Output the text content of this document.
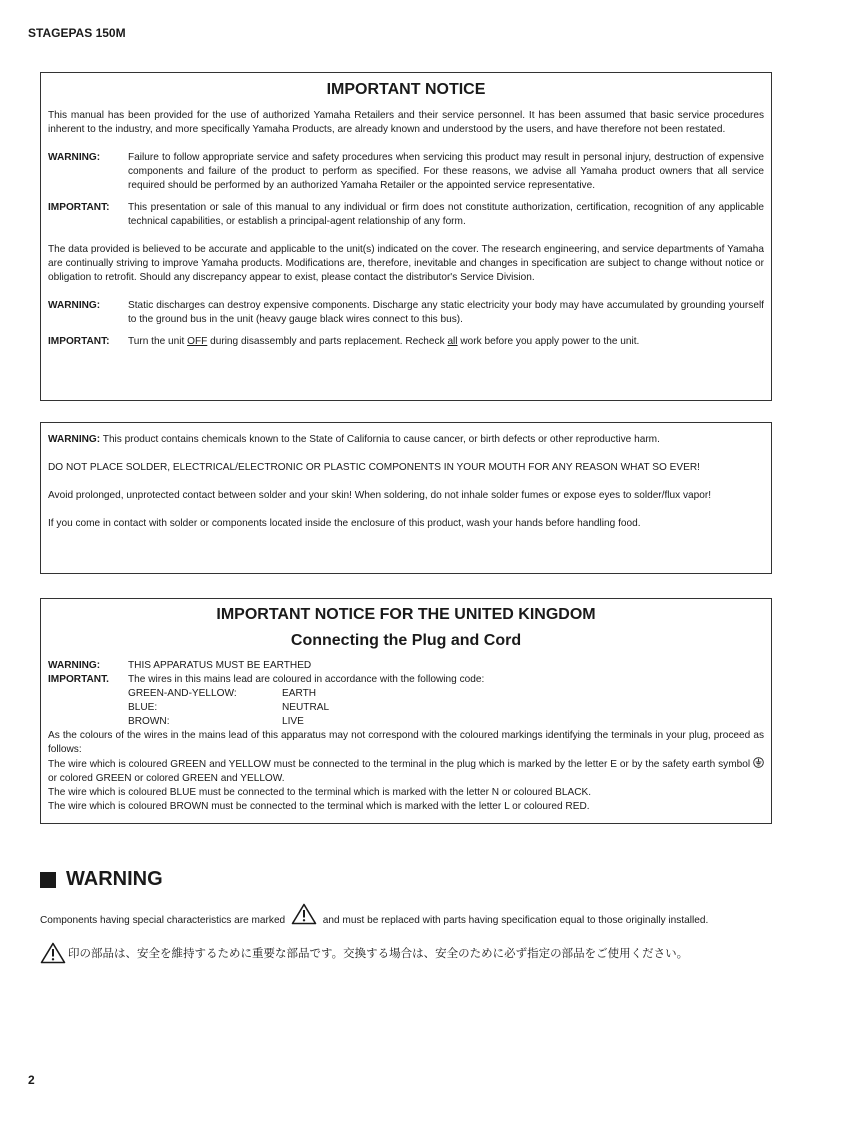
STAGEPAS 150M
IMPORTANT NOTICE

This manual has been provided for the use of authorized Yamaha Retailers and their service personnel. It has been assumed that basic service procedures inherent to the industry, and more specifically Yamaha Products, are already known and understood by the users, and have therefore not been restated.

WARNING:	Failure to follow appropriate service and safety procedures when servicing this product may result in personal injury, destruction of expensive components and failure of the product to perform as specified. For these reasons, we advise all Yamaha product owners that all service required should be performed by an authorized Yamaha Retailer or the appointed service representative.
IMPORTANT:	This presentation or sale of this manual to any individual or firm does not constitute authorization, certification, recognition of any applicable technical capabilities, or establish a principal-agent relationship of any form.

The data provided is believed to be accurate and applicable to the unit(s) indicated on the cover. The research engineering, and service departments of Yamaha are continually striving to improve Yamaha products. Modifications are, therefore, inevitable and changes in specification are subject to change without notice or obligation to retrofit. Should any discrepancy appear to exist, please contact the distributor's Service Division.

WARNING:	Static discharges can destroy expensive components. Discharge any static electricity your body may have accumulated by grounding yourself to the ground bus in the unit (heavy gauge black wires connect to this bus).
IMPORTANT:	Turn the unit OFF during disassembly and parts replacement. Recheck all work before you apply power to the unit.

WARNING: This product contains chemicals known to the State of California to cause cancer, or birth defects or other reproductive harm.

DO NOT PLACE SOLDER, ELECTRICAL/ELECTRONIC OR PLASTIC COMPONENTS IN YOUR MOUTH FOR ANY REASON WHAT SO EVER!

Avoid prolonged, unprotected contact between solder and your skin! When soldering, do not inhale solder fumes or expose eyes to solder/flux vapor!

If you come in contact with solder or components located inside the enclosure of this product, wash your hands before handling food.

IMPORTANT NOTICE FOR THE UNITED KINGDOM
Connecting the Plug and Cord
WARNING:	THIS APPARATUS MUST BE EARTHED
IMPORTANT.	The wires in this mains lead are coloured in accordance with the following code:
GREEN-AND-YELLOW:	EARTH
BLUE:	NEUTRAL
BROWN:	LIVE

As the colours of the wires in the mains lead of this apparatus may not correspond with the coloured markings identifying the terminals in your plug, proceed as follows:

The wire which is coloured GREEN and YELLOW must be connected to the terminal in the plug which is marked by the letter E or by the safety earth symbol  or colored GREEN or colored GREEN and YELLOW.

The wire which is coloured BLUE must be connected to the terminal which is marked with the letter N or coloured BLACK.

The wire which is coloured BROWN must be connected to the terminal which is marked with the letter L or coloured RED.

WARNING

Components having special characteristics are marked	and must be replaced with parts having specification equal to those originally installed.
印の部品は、安全を維持するために重要な部品です。交換する場合は、安全のために必ず指定の部品をご使用ください。
2
